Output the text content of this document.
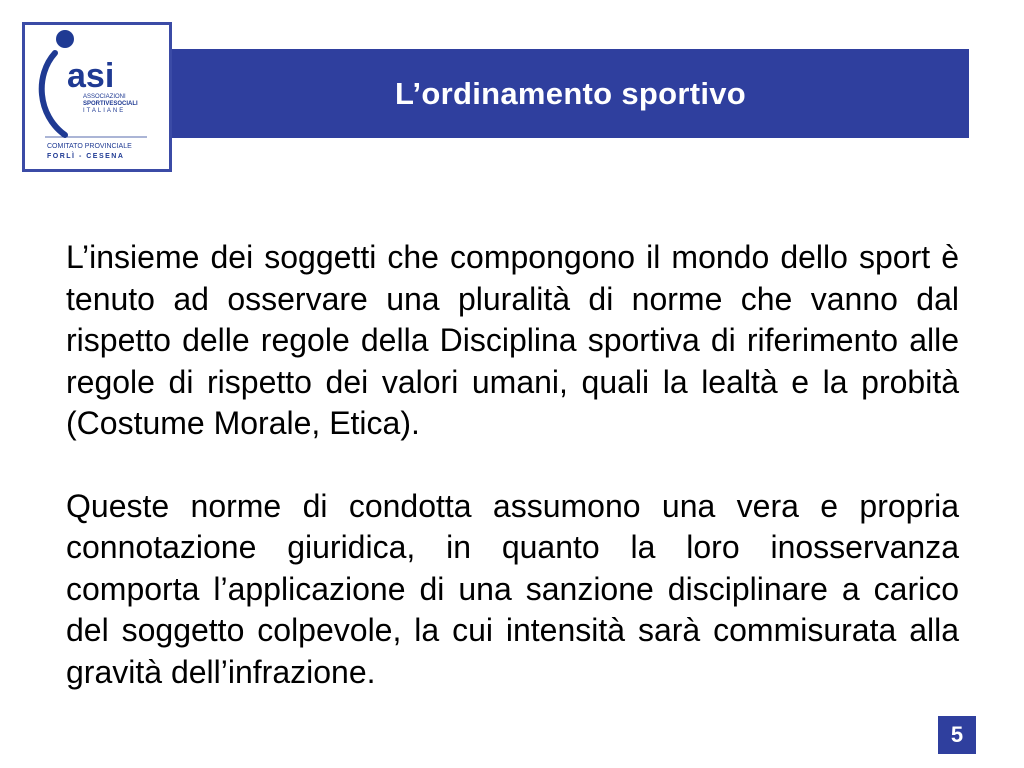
asi
ASSOCIAZIONI
SPORTIVESOCIALI
ITALIANE
COMITATO PROVINCIALE
FORLÌ - CESENA
L’ordinamento sportivo

L’insieme dei soggetti che compongono il mondo dello sport è tenuto ad osservare una pluralità di norme che vanno dal rispetto delle regole della Disciplina sportiva di riferimento alle regole di rispetto dei valori umani, quali la lealtà e la probità (Costume Morale, Etica).

Queste norme di condotta assumono una vera e propria connotazione giuridica, in quanto la loro inosservanza comporta l’applicazione di una sanzione disciplinare a carico del soggetto colpevole, la cui intensità sarà commisurata alla gravità dell’infrazione.

5
